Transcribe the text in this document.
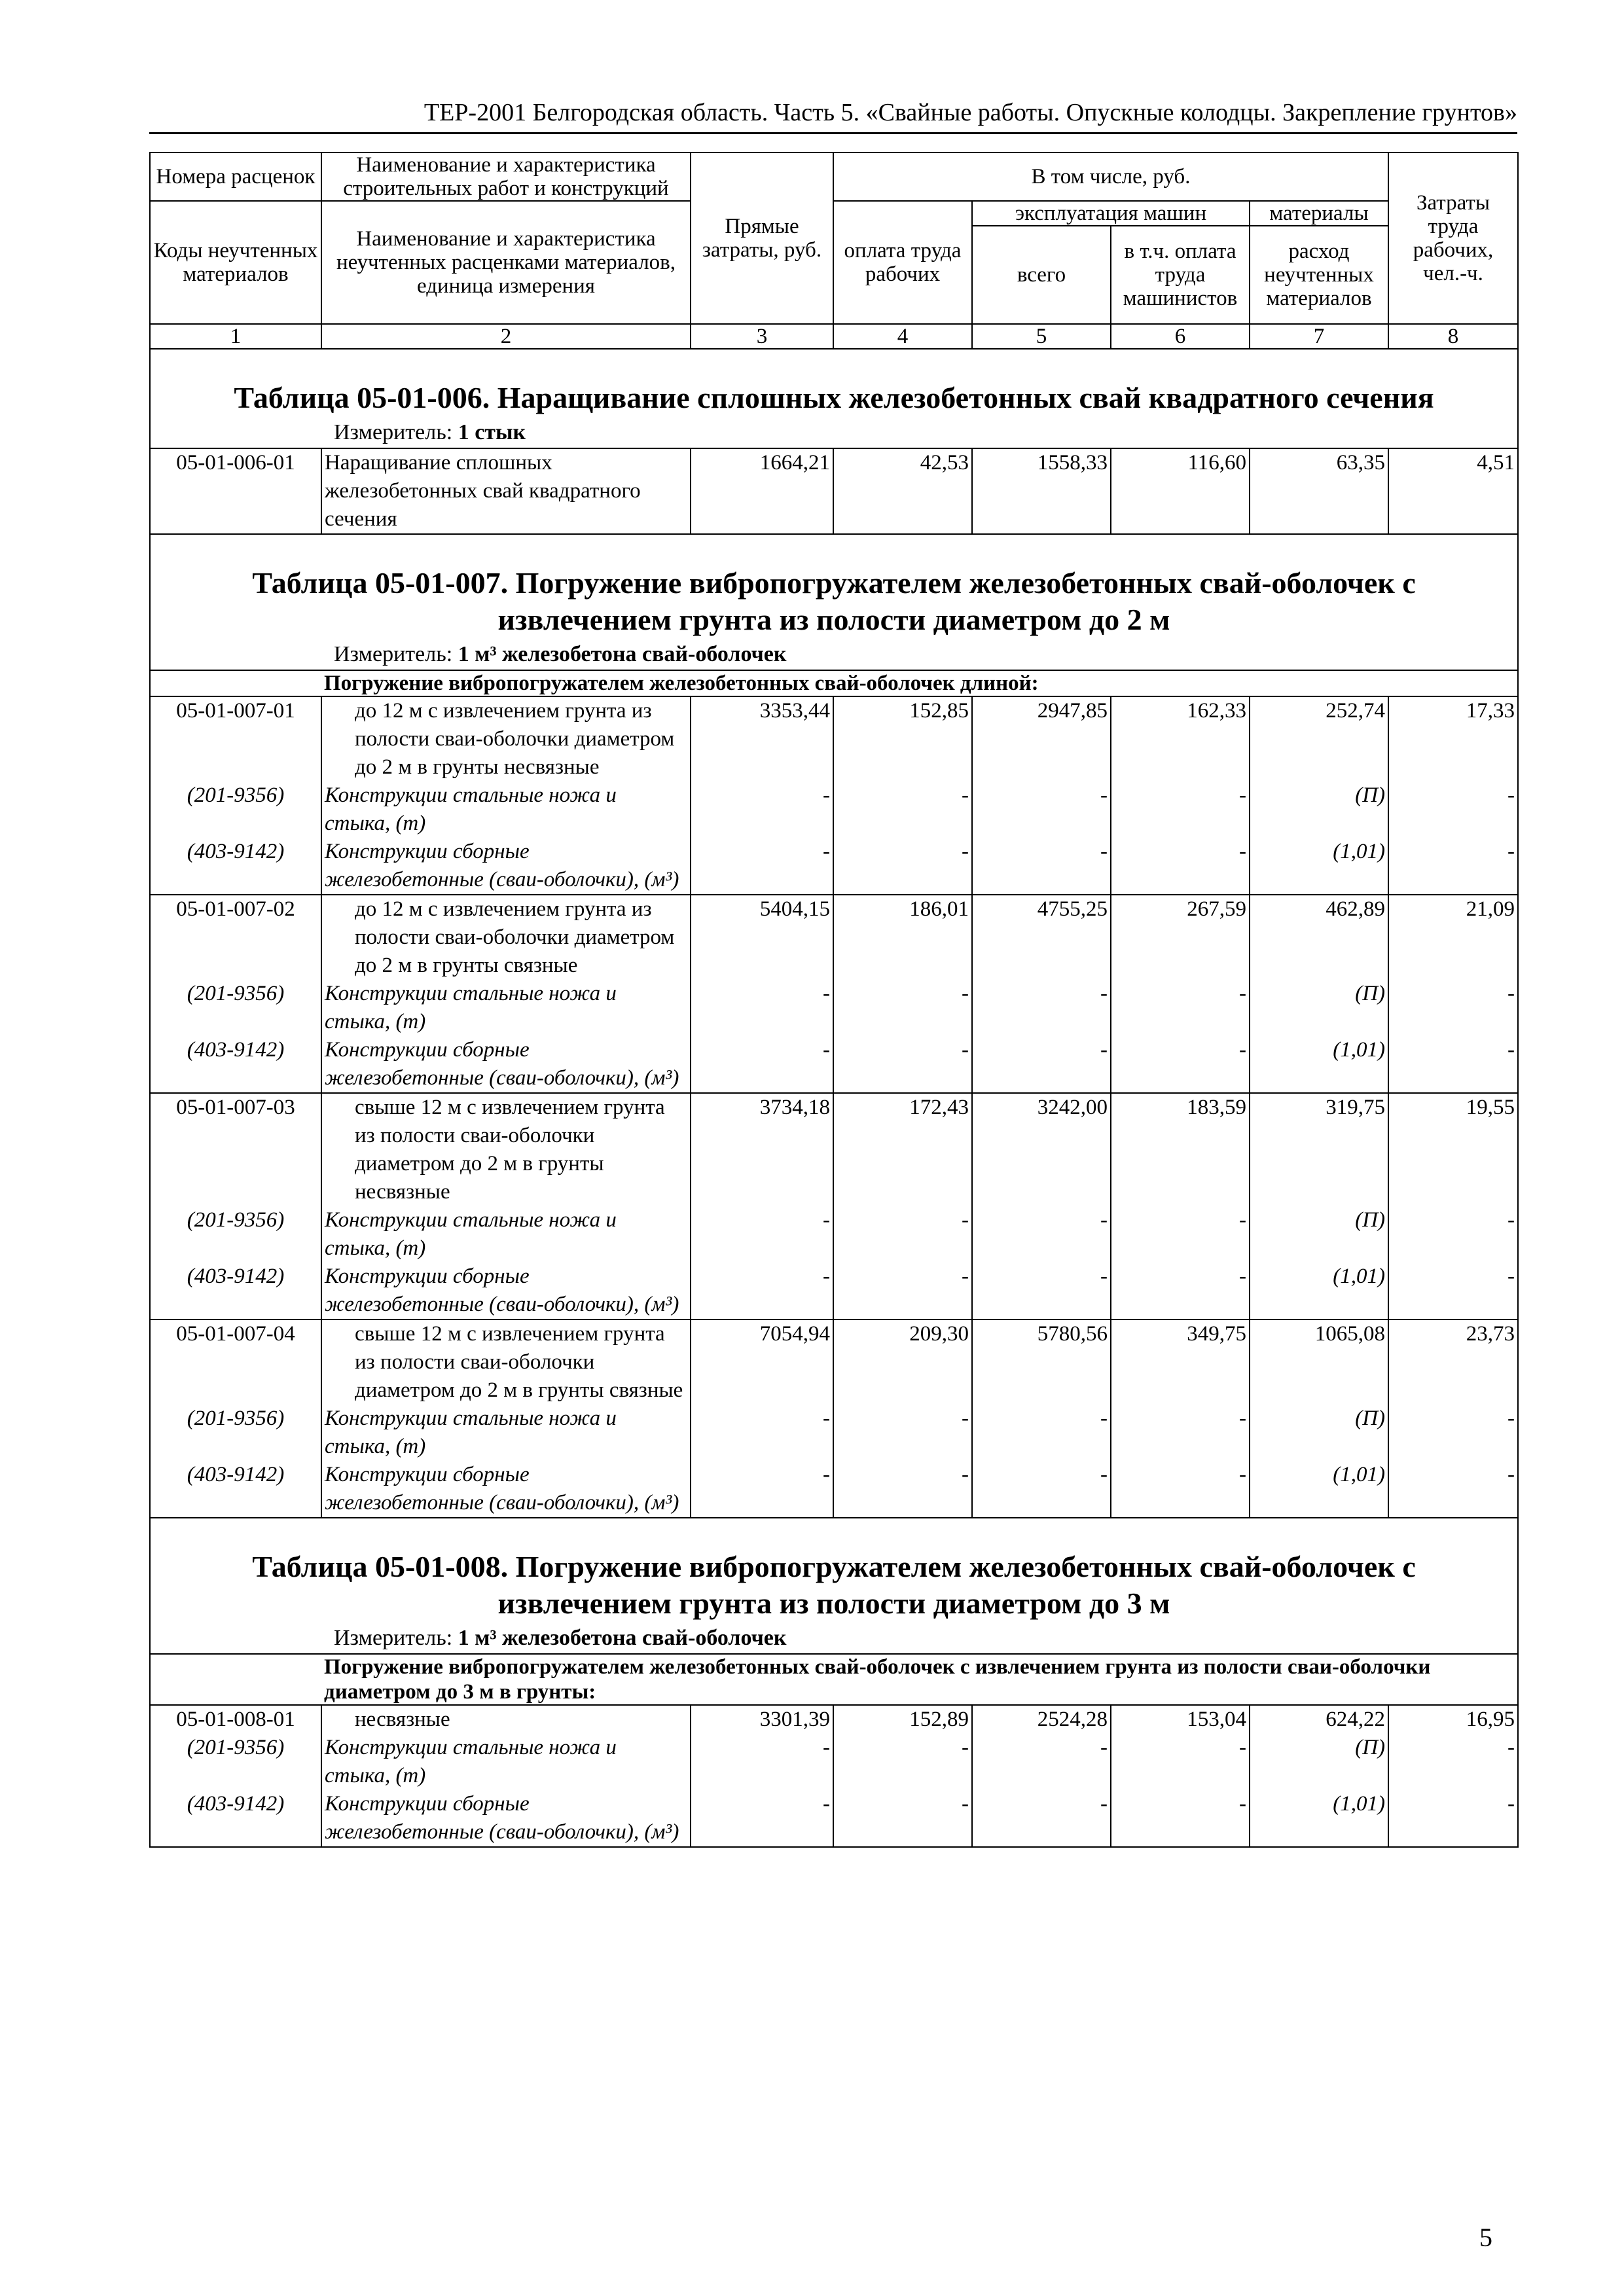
ТЕР-2001 Белгородская область. Часть 5. «Свайные работы. Опускные колодцы. Закрепление грунтов»
Номера расценок	Наименование и характеристика строительных работ и конструкций	Прямые затраты, руб.	В том числе, руб.				Затраты труда рабочих, чел.-ч.
Коды неучтенных материалов	Наименование и характеристика неучтенных расценками материалов, единица измерения		оплата труда рабочих	эксплуатация машин		материалы	
				всего	в т.ч. оплата труда машинистов	расход неучтенных материалов	
1	2	3	4	5	6	7	8

Таблица 05-01-006. Наращивание сплошных железобетонных свай квадратного сечения
Измеритель: 1 стык							

05-01-006-01	Наращивание сплошных железобетонных свай квадратного сечения	1664,21	42,53	1558,33	116,60	63,35	4,51

Таблица 05-01-007. Погружение вибропогружателем железобетонных свай-оболочек с
извлечением грунта из полости диаметром до 2 м
Измеритель: 1 м³ железобетона свай-оболочек							

	Погружение вибропогружателем железобетонных свай-оболочек длиной:						
05-01-007-01	до 12 м с извлечением грунта из полости сваи-оболочки диаметром до 2 м в грунты несвязные	3353,44	152,85	2947,85	162,33	252,74	17,33
(201-9356)	Конструкции стальные ножа и стыка, (т)	-	-	-	-	(П)	-
(403-9142)	Конструкции сборные железобетонные (сваи-оболочки), (м³)	-	-	-	-	(1,01)	-
05-01-007-02	до 12 м с извлечением грунта из полости сваи-оболочки диаметром до 2 м в грунты связные	5404,15	186,01	4755,25	267,59	462,89	21,09
(201-9356)	Конструкции стальные ножа и стыка, (т)	-	-	-	-	(П)	-
(403-9142)	Конструкции сборные железобетонные (сваи-оболочки), (м³)	-	-	-	-	(1,01)	-
05-01-007-03	свыше 12 м с извлечением грунта из полости сваи-оболочки диаметром до 2 м в грунты несвязные	3734,18	172,43	3242,00	183,59	319,75	19,55
(201-9356)	Конструкции стальные ножа и стыка, (т)	-	-	-	-	(П)	-
(403-9142)	Конструкции сборные железобетонные (сваи-оболочки), (м³)	-	-	-	-	(1,01)	-
05-01-007-04	свыше 12 м с извлечением грунта из полости сваи-оболочки диаметром до 2 м в грунты связные	7054,94	209,30	5780,56	349,75	1065,08	23,73
(201-9356)	Конструкции стальные ножа и стыка, (т)	-	-	-	-	(П)	-
(403-9142)	Конструкции сборные железобетонные (сваи-оболочки), (м³)	-	-	-	-	(1,01)	-

Таблица 05-01-008. Погружение вибропогружателем железобетонных свай-оболочек с
извлечением грунта из полости диаметром до 3 м
Измеритель: 1 м³ железобетона свай-оболочек							

	Погружение вибропогружателем железобетонных свай-оболочек с извлечением грунта из полости сваи-оболочки диаметром до 3 м в грунты:						
05-01-008-01	несвязные	3301,39	152,89	2524,28	153,04	624,22	16,95
(201-9356)	Конструкции стальные ножа и стыка, (т)	-	-	-	-	(П)	-
(403-9142)	Конструкции сборные железобетонные (сваи-оболочки), (м³)	-	-	-	-	(1,01)	-
5
